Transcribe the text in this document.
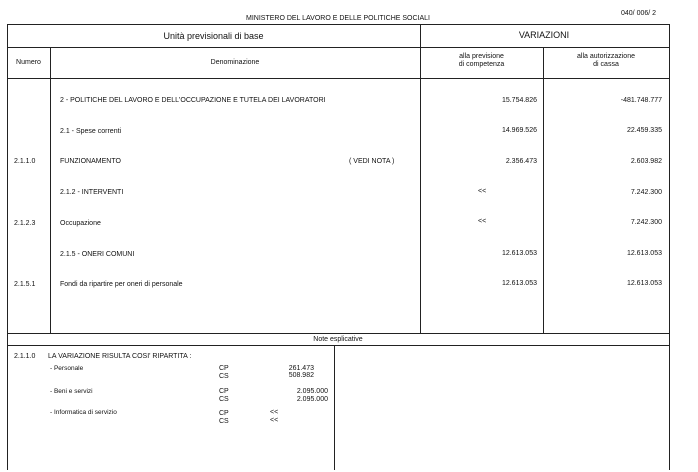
MINISTERO DEL LAVORO E DELLE POLITICHE SOCIALI
040/ 006/ 2
Unità previsionali di base	VARIAZIONI
Numero	Denominazione
alla previsione
di competenza
alla autorizzazione
di cassa
2 - POLITICHE DEL LAVORO E DELL'OCCUPAZIONE E TUTELA DEI LAVORATORI	15.754.826	-481.748.777
2.1 - Spese correnti	14.969.526	22.459.335
2.1.1.0	FUNZIONAMENTO	( VEDI NOTA )	2.356.473	2.603.982
2.1.2 - INTERVENTI	<<	7.242.300
2.1.2.3	Occupazione	<<	7.242.300
2.1.5 - ONERI COMUNI	12.613.053	12.613.053
2.1.5.1	Fondi da ripartire per oneri di personale	12.613.053	12.613.053
Note esplicative
2.1.1.0 LA VARIAZIONE RISULTA COSI' RIPARTITA :
- Personale	CP	261.473
CS	508.982
- Beni e servizi	CP	2.095.000
CS	2.095.000
- Informatica di servizio	CP	<<
CS	<<
